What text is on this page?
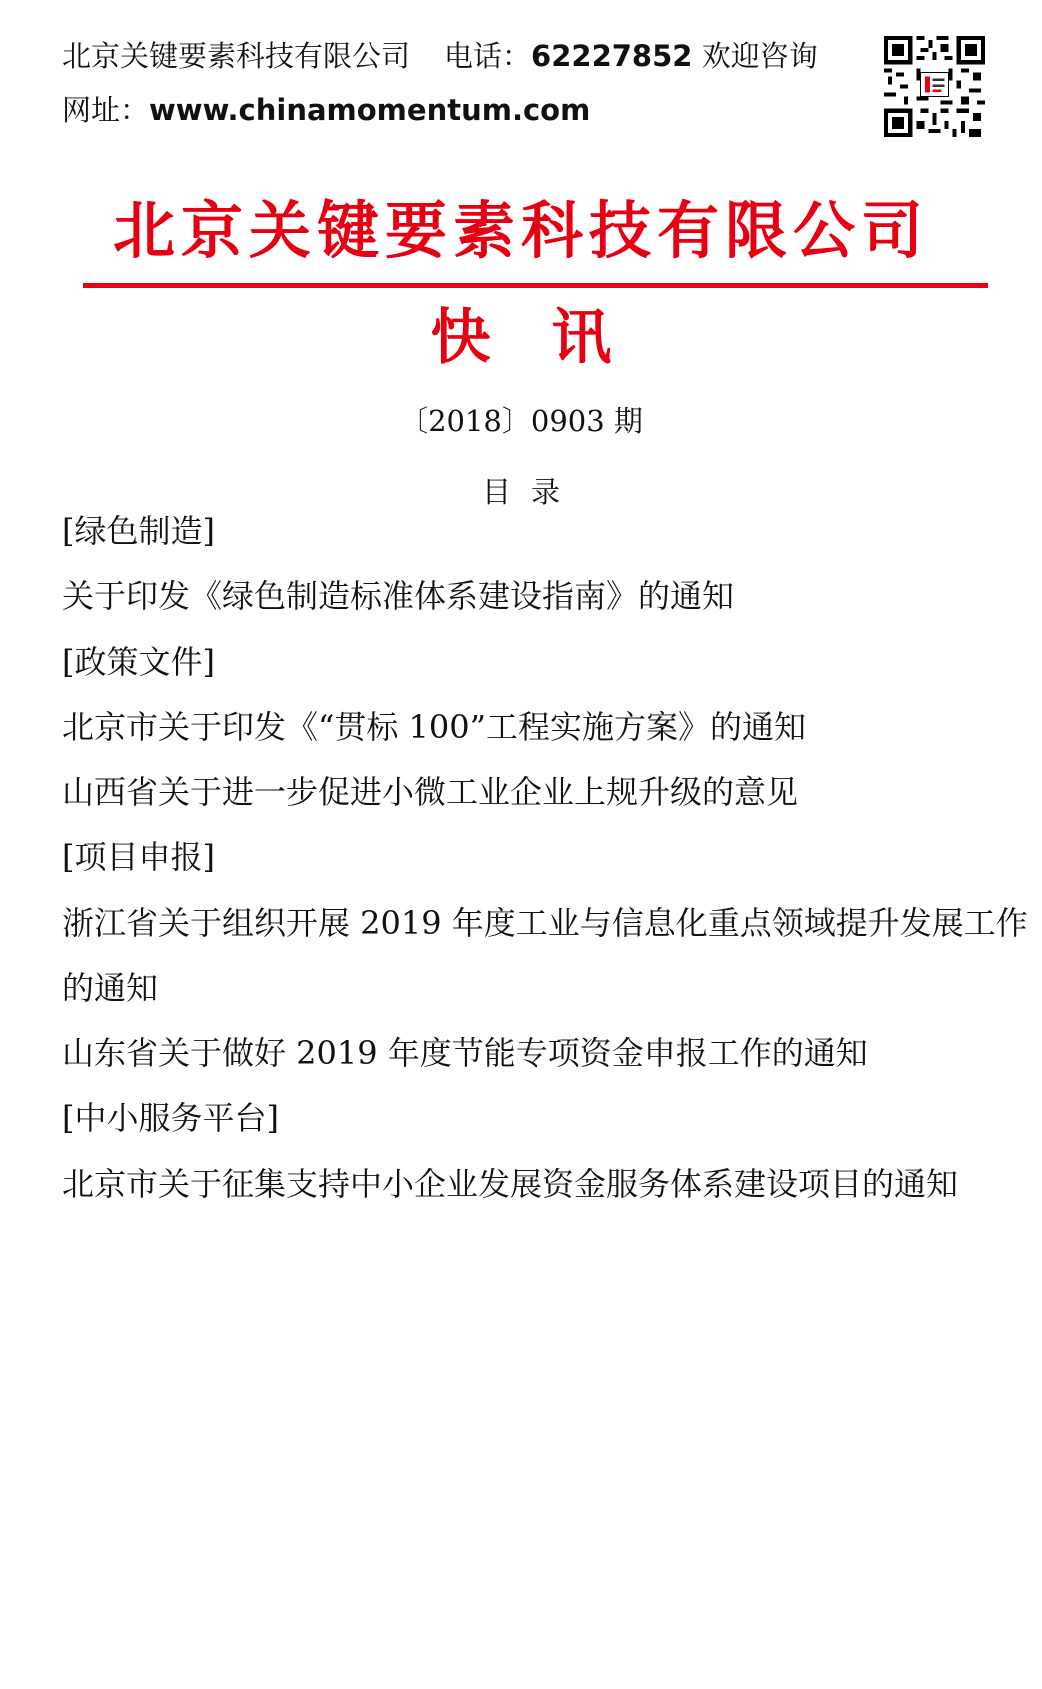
北京关键要素科技有限公司 电话：62227852 欢迎咨询
网址：www.chinamomentum.com
北京关键要素科技有限公司
快 讯
〔2018〕0903 期
目录
[绿色制造]
关于印发《绿色制造标准体系建设指南》的通知
[政策文件]
北京市关于印发《“贯标 100”工程实施方案》的通知
山西省关于进一步促进小微工业企业上规升级的意见
[项目申报]
浙江省关于组织开展 2019 年度工业与信息化重点领域提升发展工作
的通知
山东省关于做好 2019 年度节能专项资金申报工作的通知
[中小服务平台]
北京市关于征集支持中小企业发展资金服务体系建设项目的通知
